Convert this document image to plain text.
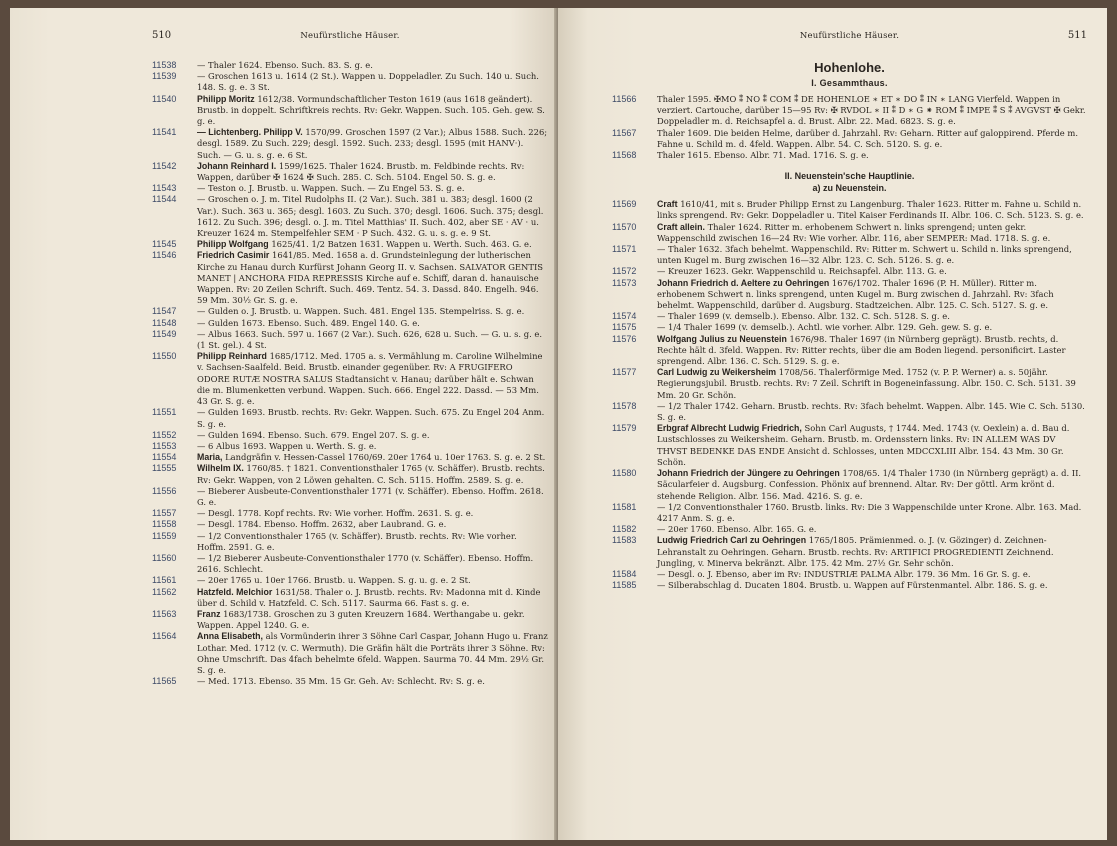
510	Neufürstliche Häuser.

11538	— Thaler 1624. Ebenso. Such. 83. S. g. e.

11539	— Groschen 1613 u. 1614 (2 St.). Wappen u. Doppeladler. Zu Such. 140 u. Such. 148. S. g. e. 3 St.

11540	Philipp Moritz 1612/38. Vormundschaftlicher Teston 1619 (aus 1618 geändert). Brustb. in doppelt. Schriftkreis rechts. Rv: Gekr. Wappen. Such. 105. Geh. gew. S. g. e.

11541	— Lichtenberg. Philipp V. 1570/99. Groschen 1597 (2 Var.); Albus 1588. Such. 226; desgl. 1589. Zu Such. 229; desgl. 1592. Such. 233; desgl. 1595 (mit HANV·). Such. — G. u. s. g. e. 6 St.

11542	Johann Reinhard I. 1599/1625. Thaler 1624. Brustb. m. Feldbinde rechts. Rv: Wappen, darüber ✠ 1624 ✠ Such. 285. C. Sch. 5104. Engel 50. S. g. e.

11543	— Teston o. J. Brustb. u. Wappen. Such. — Zu Engel 53. S. g. e.

11544	— Groschen o. J. m. Titel Rudolphs II. (2 Var.). Such. 381 u. 383; desgl. 1600 (2 Var.). Such. 363 u. 365; desgl. 1603. Zu Such. 370; desgl. 1606. Such. 375; desgl. 1612. Zu Such. 396; desgl. o. J. m. Titel Matthias' II. Such. 402, aber SE · AV · u. Kreuzer 1624 m. Stempelfehler SEM · P Such. 432. G. u. s. g. e. 9 St.

11545	Philipp Wolfgang 1625/41. 1/2 Batzen 1631. Wappen u. Werth. Such. 463. G. e.

11546	Friedrich Casimir 1641/85. Med. 1658 a. d. Grundsteinlegung der lutherischen Kirche zu Hanau durch Kurfürst Johann Georg II. v. Sachsen. SALVATOR GENTIS MANET | ANCHORA FIDA REPRESSIS Kirche auf e. Schiff, daran d. hanauische Wappen. Rv: 20 Zeilen Schrift. Such. 469. Tentz. 54. 3. Dassd. 840. Engelh. 946. 59 Mm. 30½ Gr. S. g. e.

11547	— Gulden o. J. Brustb. u. Wappen. Such. 481. Engel 135. Stempelriss. S. g. e.

11548	— Gulden 1673. Ebenso. Such. 489. Engel 140. G. e.

11549	— Albus 1663. Such. 597 u. 1667 (2 Var.). Such. 626, 628 u. Such. — G. u. s. g. e. (1 St. gel.). 4 St.

11550	Philipp Reinhard 1685/1712. Med. 1705 a. s. Vermählung m. Caroline Wilhelmine v. Sachsen-Saalfeld. Beid. Brustb. einander gegenüber. Rv: A FRUGIFERO ODORE RUTÆ NOSTRA SALUS Stadtansicht v. Hanau; darüber hält e. Schwan die m. Blumenketten verbund. Wappen. Such. 666. Engel 222. Dassd. — 53 Mm. 43 Gr. S. g. e.

11551	— Gulden 1693. Brustb. rechts. Rv: Gekr. Wappen. Such. 675. Zu Engel 204 Anm. S. g. e.

11552	— Gulden 1694. Ebenso. Such. 679. Engel 207. S. g. e.

11553	— 6 Albus 1693. Wappen u. Werth. S. g. e.

11554	Maria, Landgräfin v. Hessen-Cassel 1760/69. 20er 1764 u. 10er 1763. S. g. e. 2 St.

11555	Wilhelm IX. 1760/85. † 1821. Conventionsthaler 1765 (v. Schäffer). Brustb. rechts. Rv: Gekr. Wappen, von 2 Löwen gehalten. C. Sch. 5115. Hoffm. 2589. S. g. e.

11556	— Bieberer Ausbeute-Conventionsthaler 1771 (v. Schäffer). Ebenso. Hoffm. 2618. G. e.

11557	— Desgl. 1778. Kopf rechts. Rv: Wie vorher. Hoffm. 2631. S. g. e.

11558	— Desgl. 1784. Ebenso. Hoffm. 2632, aber Laubrand. G. e.

11559	— 1/2 Conventionsthaler 1765 (v. Schäffer). Brustb. rechts. Rv: Wie vorher. Hoffm. 2591. G. e.

11560	— 1/2 Bieberer Ausbeute-Conventionsthaler 1770 (v. Schäffer). Ebenso. Hoffm. 2616. Schlecht.

11561	— 20er 1765 u. 10er 1766. Brustb. u. Wappen. S. g. u. g. e. 2 St.

11562	Hatzfeld. Melchior 1631/58. Thaler o. J. Brustb. rechts. Rv: Madonna mit d. Kinde über d. Schild v. Hatzfeld. C. Sch. 5117. Saurma 66. Fast s. g. e.

11563	Franz 1683/1738. Groschen zu 3 guten Kreuzern 1684. Werthangabe u. gekr. Wappen. Appel 1240. G. e.

11564	Anna Elisabeth, als Vormünderin ihrer 3 Söhne Carl Caspar, Johann Hugo u. Franz Lothar. Med. 1712 (v. C. Wermuth). Die Gräfin hält die Porträts ihrer 3 Söhne. Rv: Ohne Umschrift. Das 4fach behelmte 6feld. Wappen. Saurma 70. 44 Mm. 29½ Gr. S. g. e.

11565	— Med. 1713. Ebenso. 35 Mm. 15 Gr. Geh. Av: Schlecht. Rv: S. g. e.

Neufürstliche Häuser.	511
Hohenlohe.
I. Gesammthaus.

11566	Thaler 1595. ✠MO ⁑ NO ⁑ COM ⁑ DE HOHENLOE ∗ ET ∗ DO ⁑ IN ∗ LANG Vierfeld. Wappen in verziert. Cartouche, darüber 15—95 Rv: ✠ RVDOL ∗ II ⁑ D ∗ G ⁕ ROM ⁑ IMPE ⁑ S ⁑ AVGVST ✠ Gekr. Doppeladler m. d. Reichsapfel a. d. Brust. Albr. 22. Mad. 6823. S. g. e.

11567	Thaler 1609. Die beiden Helme, darüber d. Jahrzahl. Rv: Geharn. Ritter auf galoppirend. Pferde m. Fahne u. Schild m. d. 4feld. Wappen. Albr. 54. C. Sch. 5120. S. g. e.

11568	Thaler 1615. Ebenso. Albr. 71. Mad. 1716. S. g. e.

II. Neuenstein'sche Hauptlinie.
a) zu Neuenstein.

11569	Craft 1610/41, mit s. Bruder Philipp Ernst zu Langenburg. Thaler 1623. Ritter m. Fahne u. Schild n. links sprengend. Rv: Gekr. Doppeladler u. Titel Kaiser Ferdinands II. Albr. 106. C. Sch. 5123. S. g. e.

11570	Craft allein. Thaler 1624. Ritter m. erhobenem Schwert n. links sprengend; unten gekr. Wappenschild zwischen 16—24 Rv: Wie vorher. Albr. 116, aber SEMPER: Mad. 1718. S. g. e.

11571	— Thaler 1632. 3fach behelmt. Wappenschild. Rv: Ritter m. Schwert u. Schild n. links sprengend, unten Kugel m. Burg zwischen 16—32 Albr. 123. C. Sch. 5126. S. g. e.

11572	— Kreuzer 1623. Gekr. Wappenschild u. Reichsapfel. Albr. 113. G. e.

11573	Johann Friedrich d. Aeltere zu Oehringen 1676/1702. Thaler 1696 (P. H. Müller). Ritter m. erhobenem Schwert n. links sprengend, unten Kugel m. Burg zwischen d. Jahrzahl. Rv: 3fach behelmt. Wappenschild, darüber d. Augsburg. Stadtzeichen. Albr. 125. C. Sch. 5127. S. g. e.

11574	— Thaler 1699 (v. demselb.). Ebenso. Albr. 132. C. Sch. 5128. S. g. e.

11575	— 1/4 Thaler 1699 (v. demselb.). Achtl. wie vorher. Albr. 129. Geh. gew. S. g. e.

11576	Wolfgang Julius zu Neuenstein 1676/98. Thaler 1697 (in Nürnberg geprägt). Brustb. rechts, d. Rechte hält d. 3feld. Wappen. Rv: Ritter rechts, über die am Boden liegend. personificirt. Laster sprengend. Albr. 136. C. Sch. 5129. S. g. e.

11577	Carl Ludwig zu Weikersheim 1708/56. Thalerförmige Med. 1752 (v. P. P. Werner) a. s. 50jähr. Regierungsjubil. Brustb. rechts. Rv: 7 Zeil. Schrift in Bogeneinfassung. Albr. 150. C. Sch. 5131. 39 Mm. 20 Gr. Schön.

11578	— 1/2 Thaler 1742. Geharn. Brustb. rechts. Rv: 3fach behelmt. Wappen. Albr. 145. Wie C. Sch. 5130. S. g. e.

11579	Erbgraf Albrecht Ludwig Friedrich, Sohn Carl Augusts, † 1744. Med. 1743 (v. Oexlein) a. d. Bau d. Lustschlosses zu Weikersheim. Geharn. Brustb. m. Ordensstern links. Rv: IN ALLEM WAS DV THVST BEDENKE DAS ENDE Ansicht d. Schlosses, unten MDCCXLIII Albr. 154. 43 Mm. 30 Gr. Schön.

11580	Johann Friedrich der Jüngere zu Oehringen 1708/65. 1/4 Thaler 1730 (in Nürnberg geprägt) a. d. II. Säcularfeier d. Augsburg. Confession. Phönix auf brennend. Altar. Rv: Der göttl. Arm krönt d. stehende Religion. Albr. 156. Mad. 4216. S. g. e.

11581	— 1/2 Conventionsthaler 1760. Brustb. links. Rv: Die 3 Wappenschilde unter Krone. Albr. 163. Mad. 4217 Anm. S. g. e.

11582	— 20er 1760. Ebenso. Albr. 165. G. e.

11583	Ludwig Friedrich Carl zu Oehringen 1765/1805. Prämienmed. o. J. (v. Gözinger) d. Zeichnen-Lehranstalt zu Oehringen. Geharn. Brustb. rechts. Rv: ARTIFICI PROGREDIENTI Zeichnend. Jungling, v. Minerva bekränzt. Albr. 175. 42 Mm. 27½ Gr. Sehr schön.

11584	— Desgl. o. J. Ebenso, aber im Rv: INDUSTRIÆ PALMA Albr. 179. 36 Mm. 16 Gr. S. g. e.

11585	— Silberabschlag d. Ducaten 1804. Brustb. u. Wappen auf Fürstenmantel. Albr. 186. S. g. e.
